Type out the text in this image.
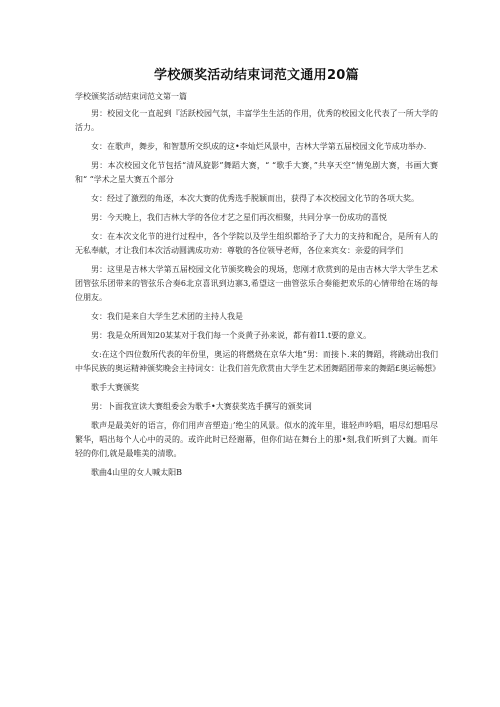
学校颁奖活动结束词范文通用20篇
学校颁奖活动结束词范文第一篇
男：校园文化一直起到『活跃校园气氛，丰富学生生活的作用，优秀的校园文化代表了一所大学的活力。
女：在歌声，舞步，和智慧所交织成的这•李灿烂风景中，吉林大学第五届校园文化节成功举办.
男：本次校园文化节包括“清风旋影”舞蹈大赛，“ “歌手大赛，”共享天空”情兔剧大赛，书画大赛和“ “学术之星大赛五个部分
女：经过了激烈的角逐，本次大赛的优秀选手脱颖而出，获得了本次校园文化节的各项大奖。
男：今天晚上，我们吉林大学的各位才艺之星们再次相聚，共同分享一份成功的喜悦
女：在本次文化节的进行过程中，各个学院以及学生组织都给予了大力的支持和配合，是所有人的无私奉献，才让我们本次活动圆满成功劝：尊敬的各位领导老师，各位来宾女：亲爱的同学们
男：这里是吉林大学第五届校园文化节颁奖晚会的现场，您刚才欣赏到的是由吉林大学大学生艺术团管弦乐团带来的管弦乐合奏6北京喜讯到边寨3,希望这一曲管弦乐合奏能把欢乐的心情带给在场的每位朋友。
女：我们是来自大学生艺术团的主持人我是
男：我是众所周知20某某对于我们每一个炎黄子孙来说，都有着I1.t要的意义。
女:在这个四位数所代表的年份里，奥运的将燃烧在京华大地“男：而接卜.来的舞蹈，将跳动出我们中华民族的奥运精神颁奖晚会主持词女：让我们首先欣赏由大学生艺术团舞蹈团带来的舞蹈£奥运畅想》
歌手大赛颁奖
男：卜面我宣读大赛组委会为歌手•大赛获奖选手撰写的颁奖词
歌声是最美好的语言，你们用声音塑造」’绝尘的风景。似水的流年里，谁轻声吟唱，唱尽幻想唱尽繁华，唱出每个人心中的灵的。或许此时已经谢幕，但你们站在舞台上的那•刻,我们听到了大巍。而年轻的你们,就是最唯美的清歌。
歌曲4山里的女人喊太阳B
